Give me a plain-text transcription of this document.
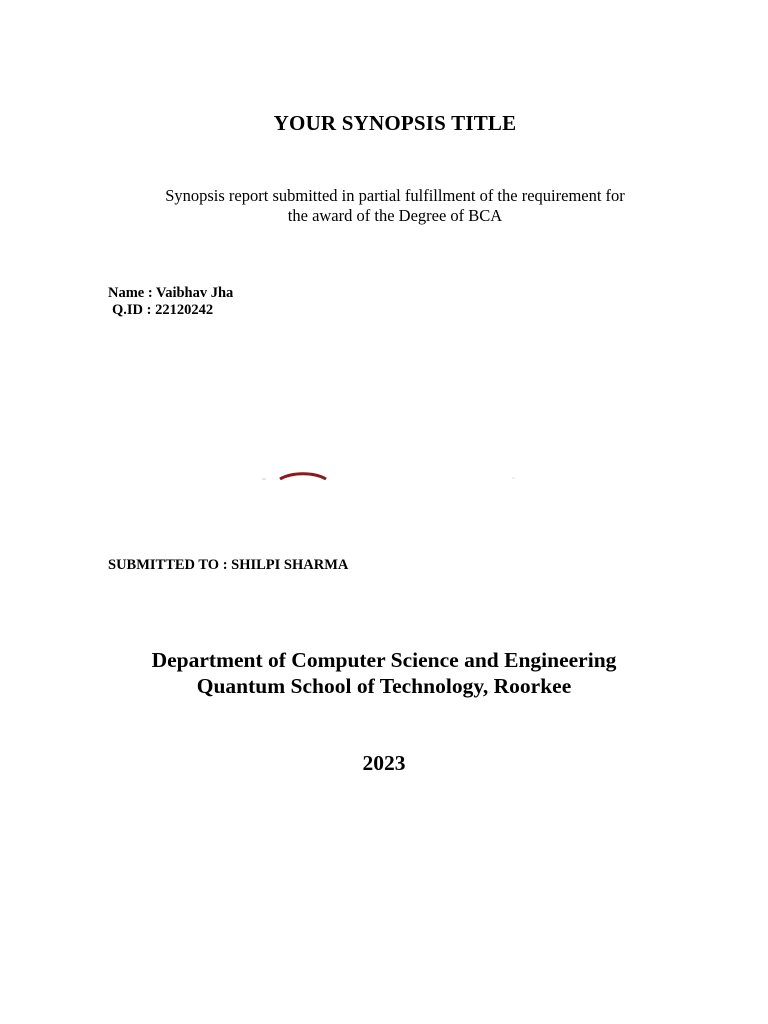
YOUR SYNOPSIS TITLE
Synopsis report submitted in partial fulfillment of the requirement for
the award of the Degree of BCA
Name : Vaibhav Jha
Q.ID : 22120242
SUBMITTED TO : SHILPI SHARMA
Department of Computer Science and Engineering
Quantum School of Technology, Roorkee
2023
